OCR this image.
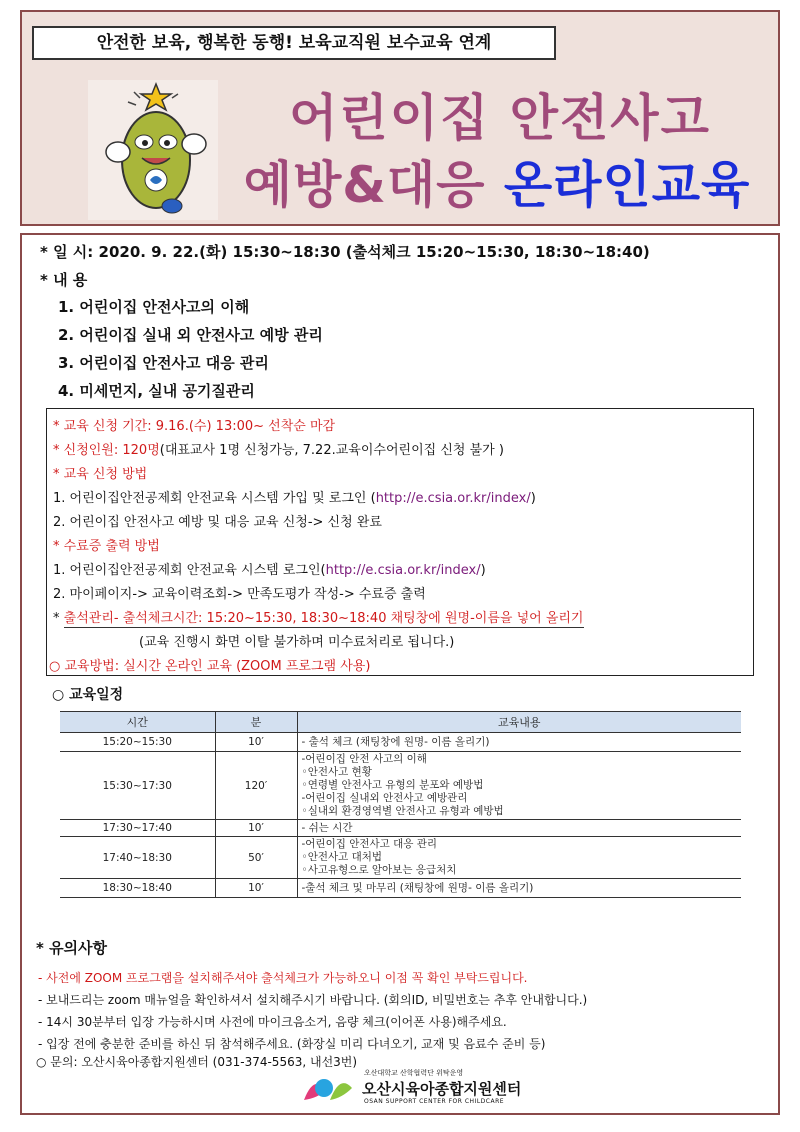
안전한 보육, 행복한 동행! 보육교직원 보수교육 연계
어린이집 안전사고
예방&대응 온라인교육
* 일 시: 2020. 9. 22.(화) 15:30~18:30 (출석체크 15:20~15:30, 18:30~18:40)
* 내 용
1. 어린이집 안전사고의 이해
2. 어린이집 실내 외 안전사고 예방 관리
3. 어린이집 안전사고 대응 관리
4. 미세먼지, 실내 공기질관리
* 교육 신청 기간: 9.16.(수) 13:00~ 선착순 마감
* 신청인원: 120명(대표교사 1명 신청가능, 7.22.교육이수어린이집 신청 불가 )
* 교육 신청 방법
1. 어린이집안전공제회 안전교육 시스템 가입 및 로그인 (http://e.csia.or.kr/index/)
2. 어린이집 안전사고 예방 및 대응 교육 신청-> 신청 완료
* 수료증 출력 방법
1. 어린이집안전공제회 안전교육 시스템 로그인(http://e.csia.or.kr/index/)
2. 마이페이지-> 교육이력조회-> 만족도평가 작성-> 수료증 출력
* 출석관리- 출석체크시간: 15:20~15:30, 18:30~18:40 채팅창에 원명-이름을 넣어 올리기
(교육 진행시 화면 이탈 불가하며 미수료처리로 됩니다.)
○ 교육방법: 실시간 온라인 교육 (ZOOM 프로그램 사용)
○ 교육일정
시간	분	교육내용
15:20~15:30	10′	- 출석 체크 (채팅창에 원명- 이름 올리기)

15:30~17:30	120′	-어린이집 안전 사고의 이해
◦안전사고 현황
◦연령별 안전사고 유형의 분포와 예방법
-어린이집 실내외 안전사고 예방관리
◦실내외 환경영역별 안전사고 유형과 예방법

17:30~17:40	10′	- 쉬는 시간

17:40~18:30	50′	-어린이집 안전사고 대응 관리
◦안전사고 대처법
◦사고유형으로 알아보는 응급처치

18:30~18:40	10′	-출석 체크 및 마무리 (채팅창에 원명- 이름 올리기)
* 유의사항
- 사전에 ZOOM 프로그램을 설치해주셔야 출석체크가 가능하오니 이점 꼭 확인 부탁드립니다.
- 보내드리는 zoom 매뉴얼을 확인하셔서 설치해주시기 바랍니다. (회의ID, 비밀번호는 추후 안내합니다.)
- 14시 30분부터 입장 가능하시며 사전에 마이크음소거, 음량 체크(이어폰 사용)해주세요.
- 입장 전에 충분한 준비를 하신 뒤 참석해주세요. (화장실 미리 다녀오기, 교재 및 음료수 준비 등)
○ 문의: 오산시육아종합지원센터 (031-374-5563, 내선3번)
오산대학교 산학협력단 위탁운영
오산시육아종합지원센터
OSAN SUPPORT CENTER FOR CHILDCARE
